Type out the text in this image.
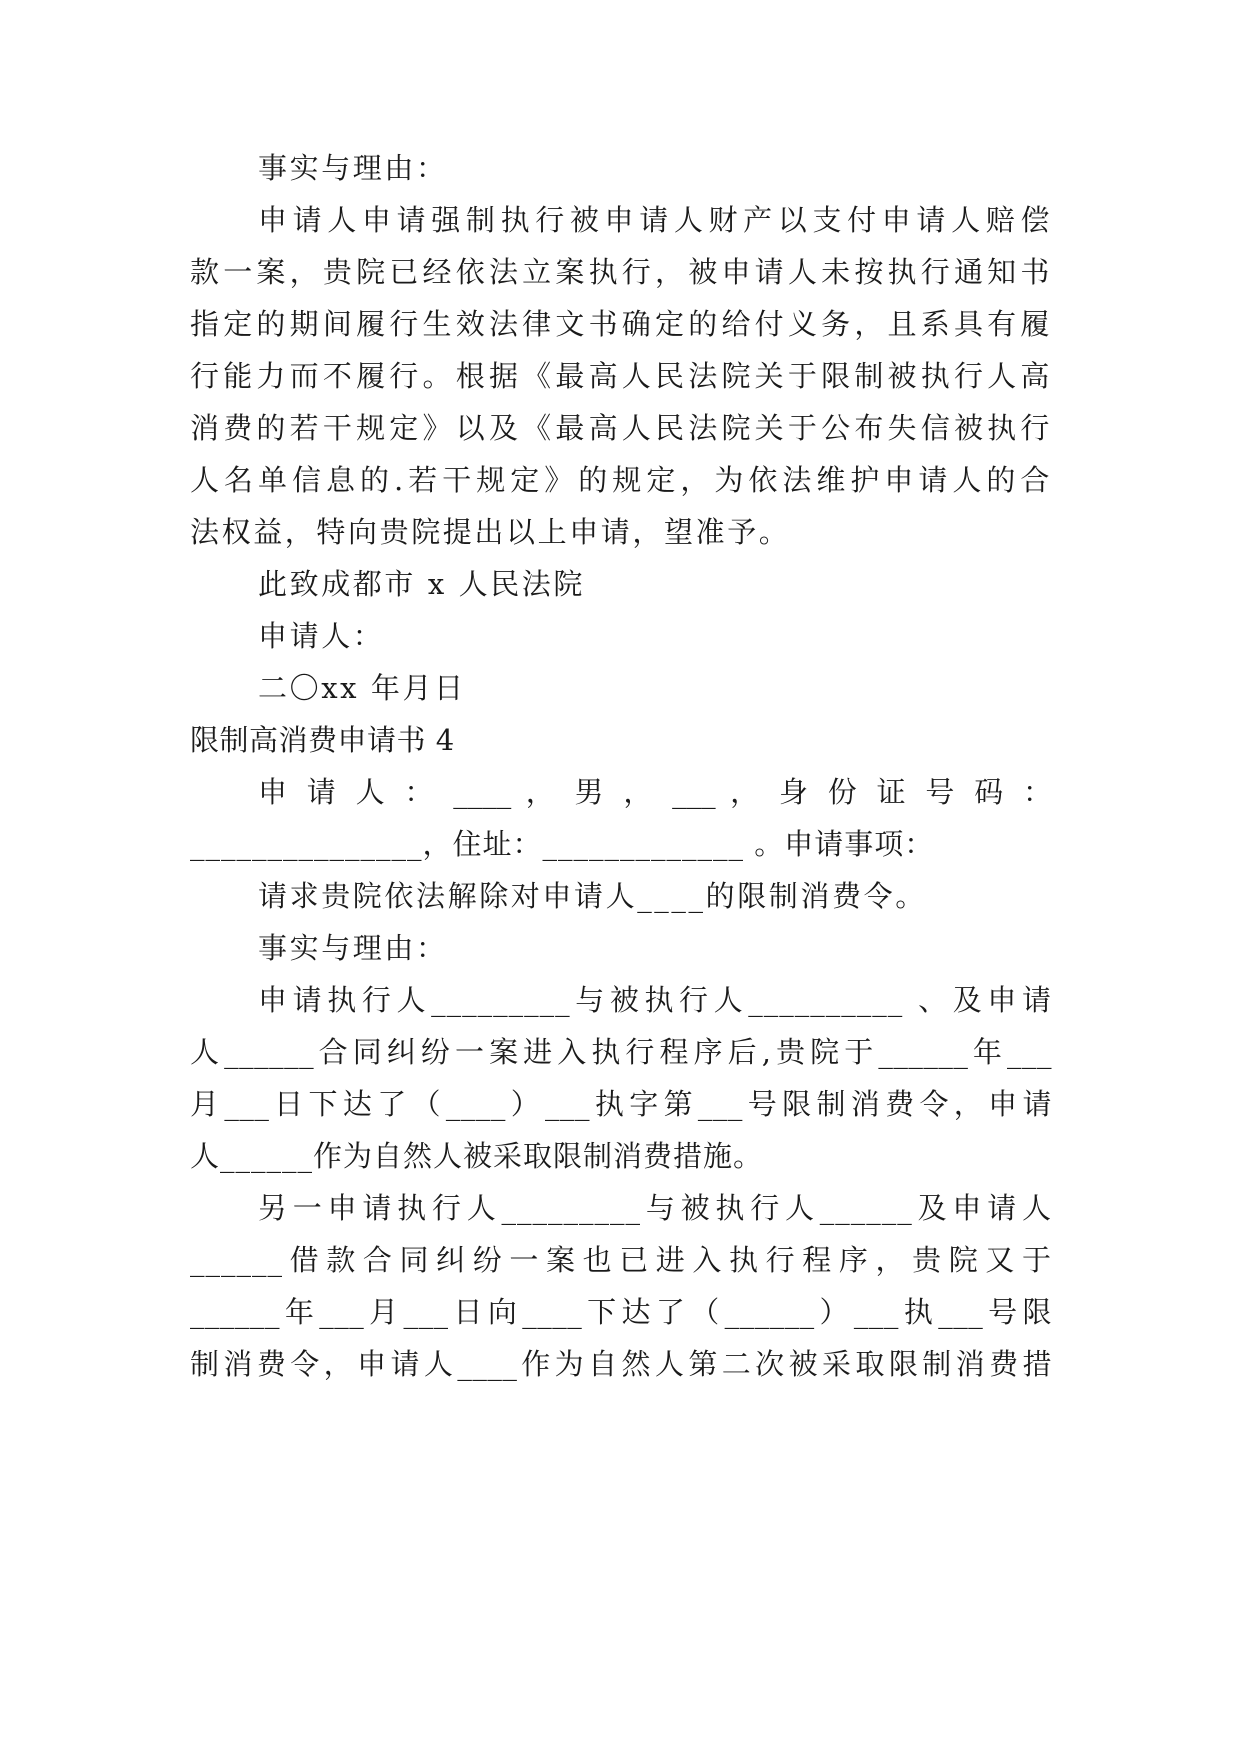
事实与理由：
申请人申请强制执行被申请人财产以支付申请人赔偿
款一案，贵院已经依法立案执行，被申请人未按执行通知书
指定的期间履行生效法律文书确定的给付义务，且系具有履
行能力而不履行。根据《最高人民法院关于限制被执行人高
消费的若干规定》以及《最高人民法院关于公布失信被执行
人名单信息的.若干规定》的规定，为依法维护申请人的合
法权益，特向贵院提出以上申请，望准予。
此致成都市 x 人民法院
申请人：
二〇xx 年月日
限制高消费申请书 4
申 请 人 ： ____ ， 男 ， ___ ， 身 份 证 号 码 ：
_______________，住址：_____________ 。申请事项：
请求贵院依法解除对申请人____的限制消费令。
事实与理由：
申请执行人_________与被执行人__________ 、及申请
人______合同纠纷一案进入执行程序后,贵院于______年___
月___日下达了（____）___执字第___号限制消费令，申请
人______作为自然人被采取限制消费措施。
另一申请执行人_________与被执行人______及申请人
______借款合同纠纷一案也已进入执行程序，贵院又于
______年___月___日向____下达了（______）___执___号限
制消费令，申请人____作为自然人第二次被采取限制消费措
